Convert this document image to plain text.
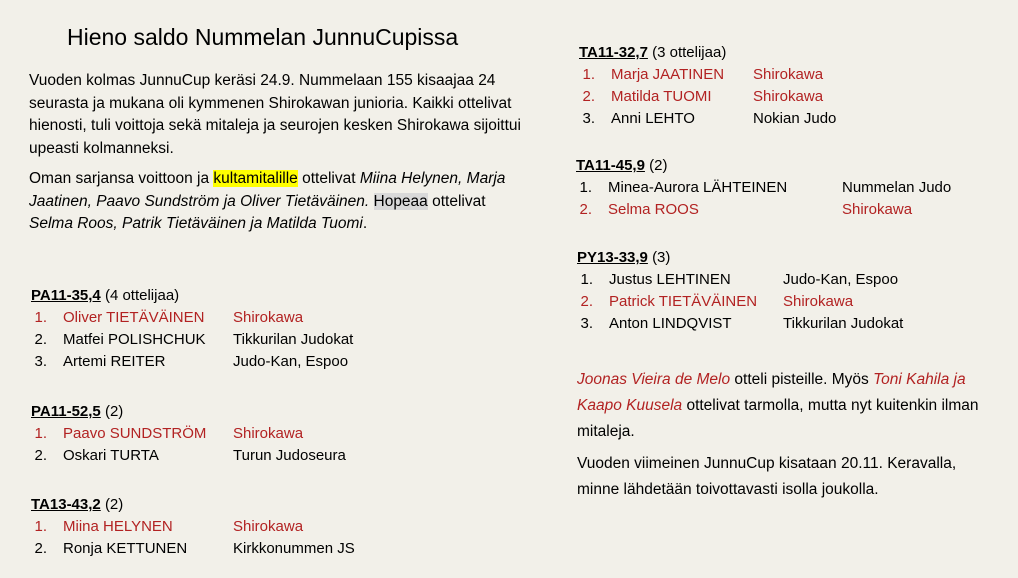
Hieno saldo Nummelan JunnuCupissa

Vuoden kolmas JunnuCup keräsi 24.9. Nummelaan 155 kisaajaa 24 seurasta ja mukana oli kymmenen Shirokawan junioria. Kaikki ottelivat hienosti, tuli voittoja sekä mitaleja ja seurojen kesken Shirokawa sijoittui upeasti kolmanneksi.

Oman sarjansa voittoon ja kultamitalille ottelivat Miina Helynen, Marja Jaatinen, Paavo Sundström ja Oliver Tietäväinen. Hopeaa ottelivat Selma Roos, Patrik Tietäväinen ja Matilda Tuomi.

PA11-35,4 (4 ottelijaa)
1. Oliver TIETÄVÄINEN	Shirokawa
2. Matfei POLISHCHUK	Tikkurilan Judokat
3. Artemi REITER	Judo-Kan, Espoo
PA11-52,5 (2)
1. Paavo SUNDSTRÖM	Shirokawa
2. Oskari TURTA	Turun Judoseura
TA13-43,2 (2)
1. Miina HELYNEN	Shirokawa
2. Ronja KETTUNEN	Kirkkonummen JS
TA11-32,7 (3 ottelijaa)
1. Marja JAATINEN	Shirokawa
2. Matilda TUOMI	Shirokawa
3. Anni LEHTO	Nokian Judo
TA11-45,9 (2)
1. Minea-Aurora LÄHTEINEN	Nummelan Judo
2. Selma ROOS	Shirokawa
PY13-33,9 (3)
1. Justus LEHTINEN	Judo-Kan, Espoo
2. Patrick TIETÄVÄINEN	Shirokawa
3. Anton LINDQVIST	Tikkurilan Judokat

Joonas Vieira de Melo otteli pisteille. Myös Toni Kahila ja Kaapo Kuusela ottelivat tarmolla, mutta nyt kuitenkin ilman mitaleja.

Vuoden viimeinen JunnuCup kisataan 20.11. Keravalla, minne lähdetään toivottavasti isolla joukolla.
